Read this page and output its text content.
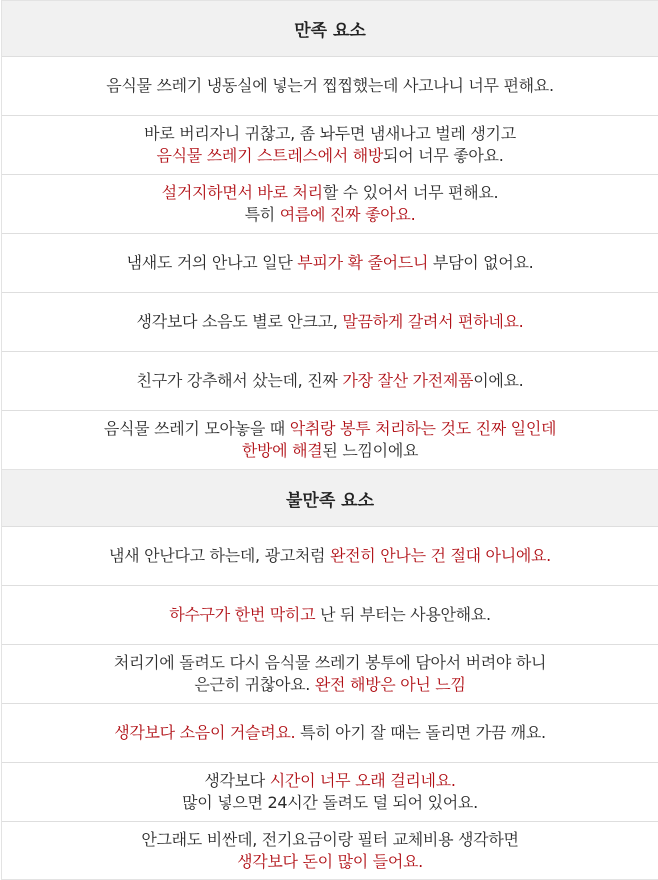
만족 요소
음식물 쓰레기 냉동실에 넣는거 찝찝했는데 사고나니 너무 편해요.
바로 버리자니 귀찮고, 좀 놔두면 냄새나고 벌레 생기고
음식물 쓰레기 스트레스에서 해방되어 너무 좋아요.
설거지하면서 바로 처리할 수 있어서 너무 편해요.
특히 여름에 진짜 좋아요.
냄새도 거의 안나고 일단 부피가 확 줄어드니 부담이 없어요.
생각보다 소음도 별로 안크고, 말끔하게 갈려서 편하네요.
친구가 강추해서 샀는데, 진짜 가장 잘산 가전제품이에요.
음식물 쓰레기 모아놓을 때 악취랑 봉투 처리하는 것도 진짜 일인데
한방에 해결된 느낌이에요
불만족 요소
냄새 안난다고 하는데, 광고처럼 완전히 안나는 건 절대 아니에요.
하수구가 한번 막히고 난 뒤 부터는 사용안해요.
처리기에 돌려도 다시 음식물 쓰레기 봉투에 담아서 버려야 하니
은근히 귀찮아요. 완전 해방은 아닌 느낌
생각보다 소음이 거슬려요. 특히 아기 잘 때는 돌리면 가끔 깨요.
생각보다 시간이 너무 오래 걸리네요.
많이 넣으면 24시간 돌려도 덜 되어 있어요.
안그래도 비싼데, 전기요금이랑 필터 교체비용 생각하면
생각보다 돈이 많이 들어요.
